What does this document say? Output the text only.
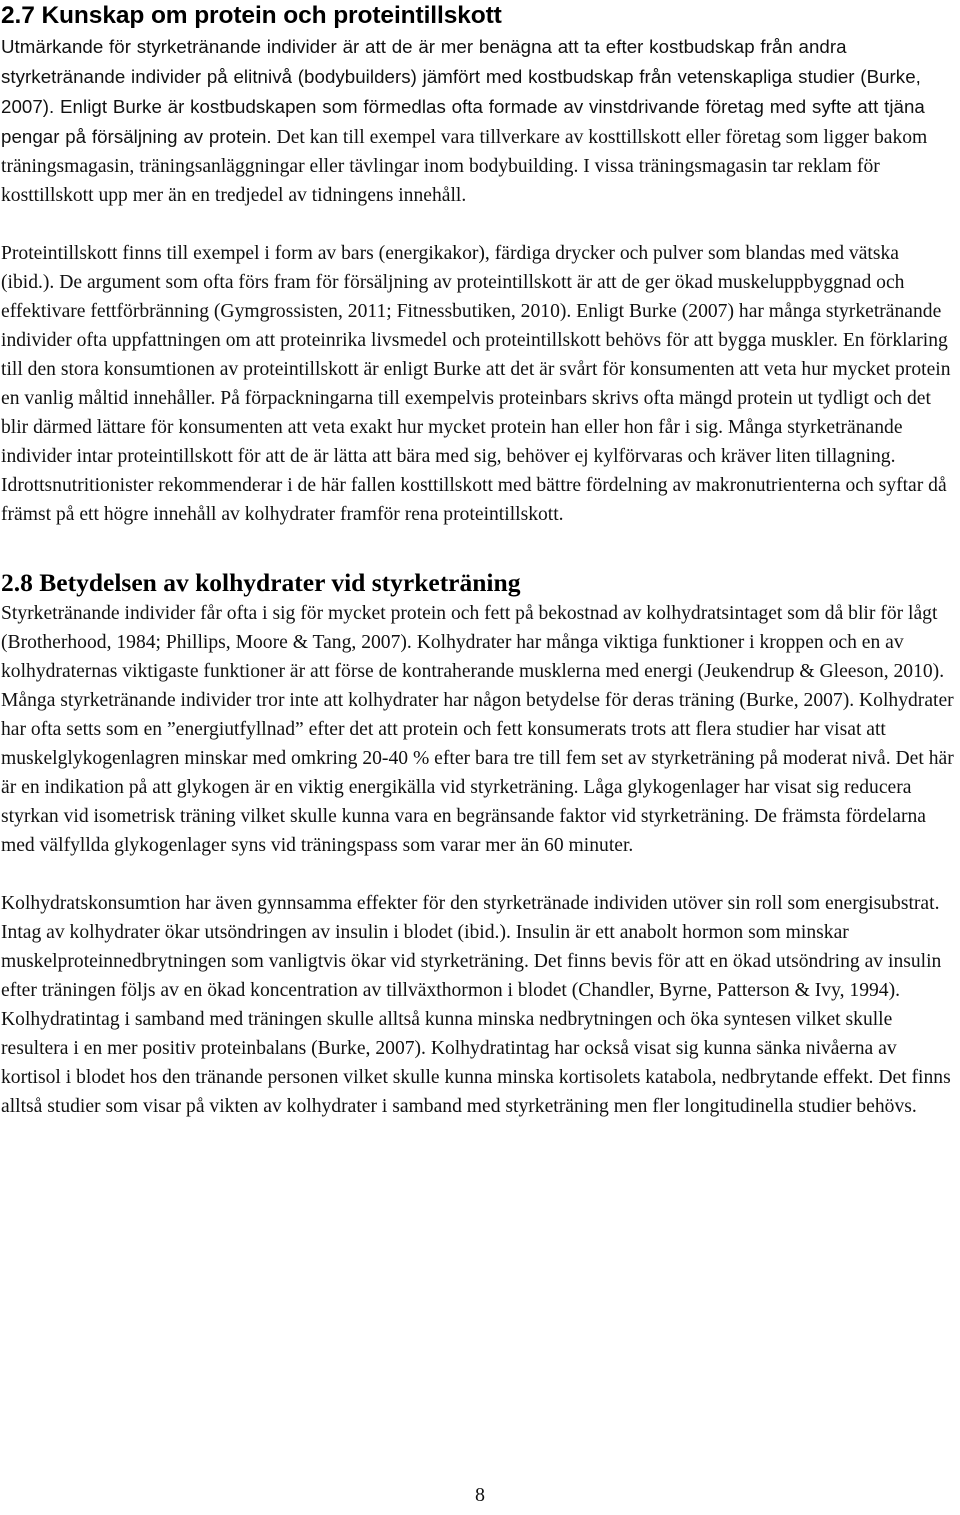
2.7 Kunskap om protein och proteintillskott

Utmärkande för styrketränande individer är att de är mer benägna att ta efter kostbudskap från andra styrketränande individer på elitnivå (bodybuilders) jämfört med kostbudskap från vetenskapliga studier (Burke, 2007). Enligt Burke är kostbudskapen som förmedlas ofta formade av vinstdrivande företag med syfte att tjäna pengar på försäljning av protein. Det kan till exempel vara tillverkare av kosttillskott eller företag som ligger bakom träningsmagasin, träningsanläggningar eller tävlingar inom bodybuilding. I vissa träningsmagasin tar reklam för kosttillskott upp mer än en tredjedel av tidningens innehåll.

Proteintillskott finns till exempel i form av bars (energikakor), färdiga drycker och pulver som blandas med vätska (ibid.). De argument som ofta förs fram för försäljning av proteintillskott är att de ger ökad muskeluppbyggnad och effektivare fettförbränning (Gymgrossisten, 2011; Fitnessbutiken, 2010). Enligt Burke (2007) har många styrketränande individer ofta uppfattningen om att proteinrika livsmedel och proteintillskott behövs för att bygga muskler. En förklaring till den stora konsumtionen av proteintillskott är enligt Burke att det är svårt för konsumenten att veta hur mycket protein en vanlig måltid innehåller. På förpackningarna till exempelvis proteinbars skrivs ofta mängd protein ut tydligt och det blir därmed lättare för konsumenten att veta exakt hur mycket protein han eller hon får i sig. Många styrketränande individer intar proteintillskott för att de är lätta att bära med sig, behöver ej kylförvaras och kräver liten tillagning. Idrottsnutritionister rekommenderar i de här fallen kosttillskott med bättre fördelning av makronutrienterna och syftar då främst på ett högre innehåll av kolhydrater framför rena proteintillskott.

2.8 Betydelsen av kolhydrater vid styrketräning

Styrketränande individer får ofta i sig för mycket protein och fett på bekostnad av kolhydratsintaget som då blir för lågt (Brotherhood, 1984; Phillips, Moore & Tang, 2007). Kolhydrater har många viktiga funktioner i kroppen och en av kolhydraternas viktigaste funktioner är att förse de kontraherande musklerna med energi (Jeukendrup & Gleeson, 2010). Många styrketränande individer tror inte att kolhydrater har någon betydelse för deras träning (Burke, 2007). Kolhydrater har ofta setts som en ”energiutfyllnad” efter det att protein och fett konsumerats trots att flera studier har visat att muskelglykogenlagren minskar med omkring 20-40 % efter bara tre till fem set av styrketräning på moderat nivå. Det här är en indikation på att glykogen är en viktig energikälla vid styrketräning. Låga glykogenlager har visat sig reducera styrkan vid isometrisk träning vilket skulle kunna vara en begränsande faktor vid styrketräning. De främsta fördelarna med välfyllda glykogenlager syns vid träningspass som varar mer än 60 minuter.

Kolhydratskonsumtion har även gynnsamma effekter för den styrketränade individen utöver sin roll som energisubstrat. Intag av kolhydrater ökar utsöndringen av insulin i blodet (ibid.). Insulin är ett anabolt hormon som minskar muskelproteinnedbrytningen som vanligtvis ökar vid styrketräning. Det finns bevis för att en ökad utsöndring av insulin efter träningen följs av en ökad koncentration av tillväxthormon i blodet (Chandler, Byrne, Patterson & Ivy, 1994). Kolhydratintag i samband med träningen skulle alltså kunna minska nedbrytningen och öka syntesen vilket skulle resultera i en mer positiv proteinbalans (Burke, 2007). Kolhydratintag har också visat sig kunna sänka nivåerna av kortisol i blodet hos den tränande personen vilket skulle kunna minska kortisolets katabola, nedbrytande effekt. Det finns alltså studier som visar på vikten av kolhydrater i samband med styrketräning men fler longitudinella studier behövs.

8
